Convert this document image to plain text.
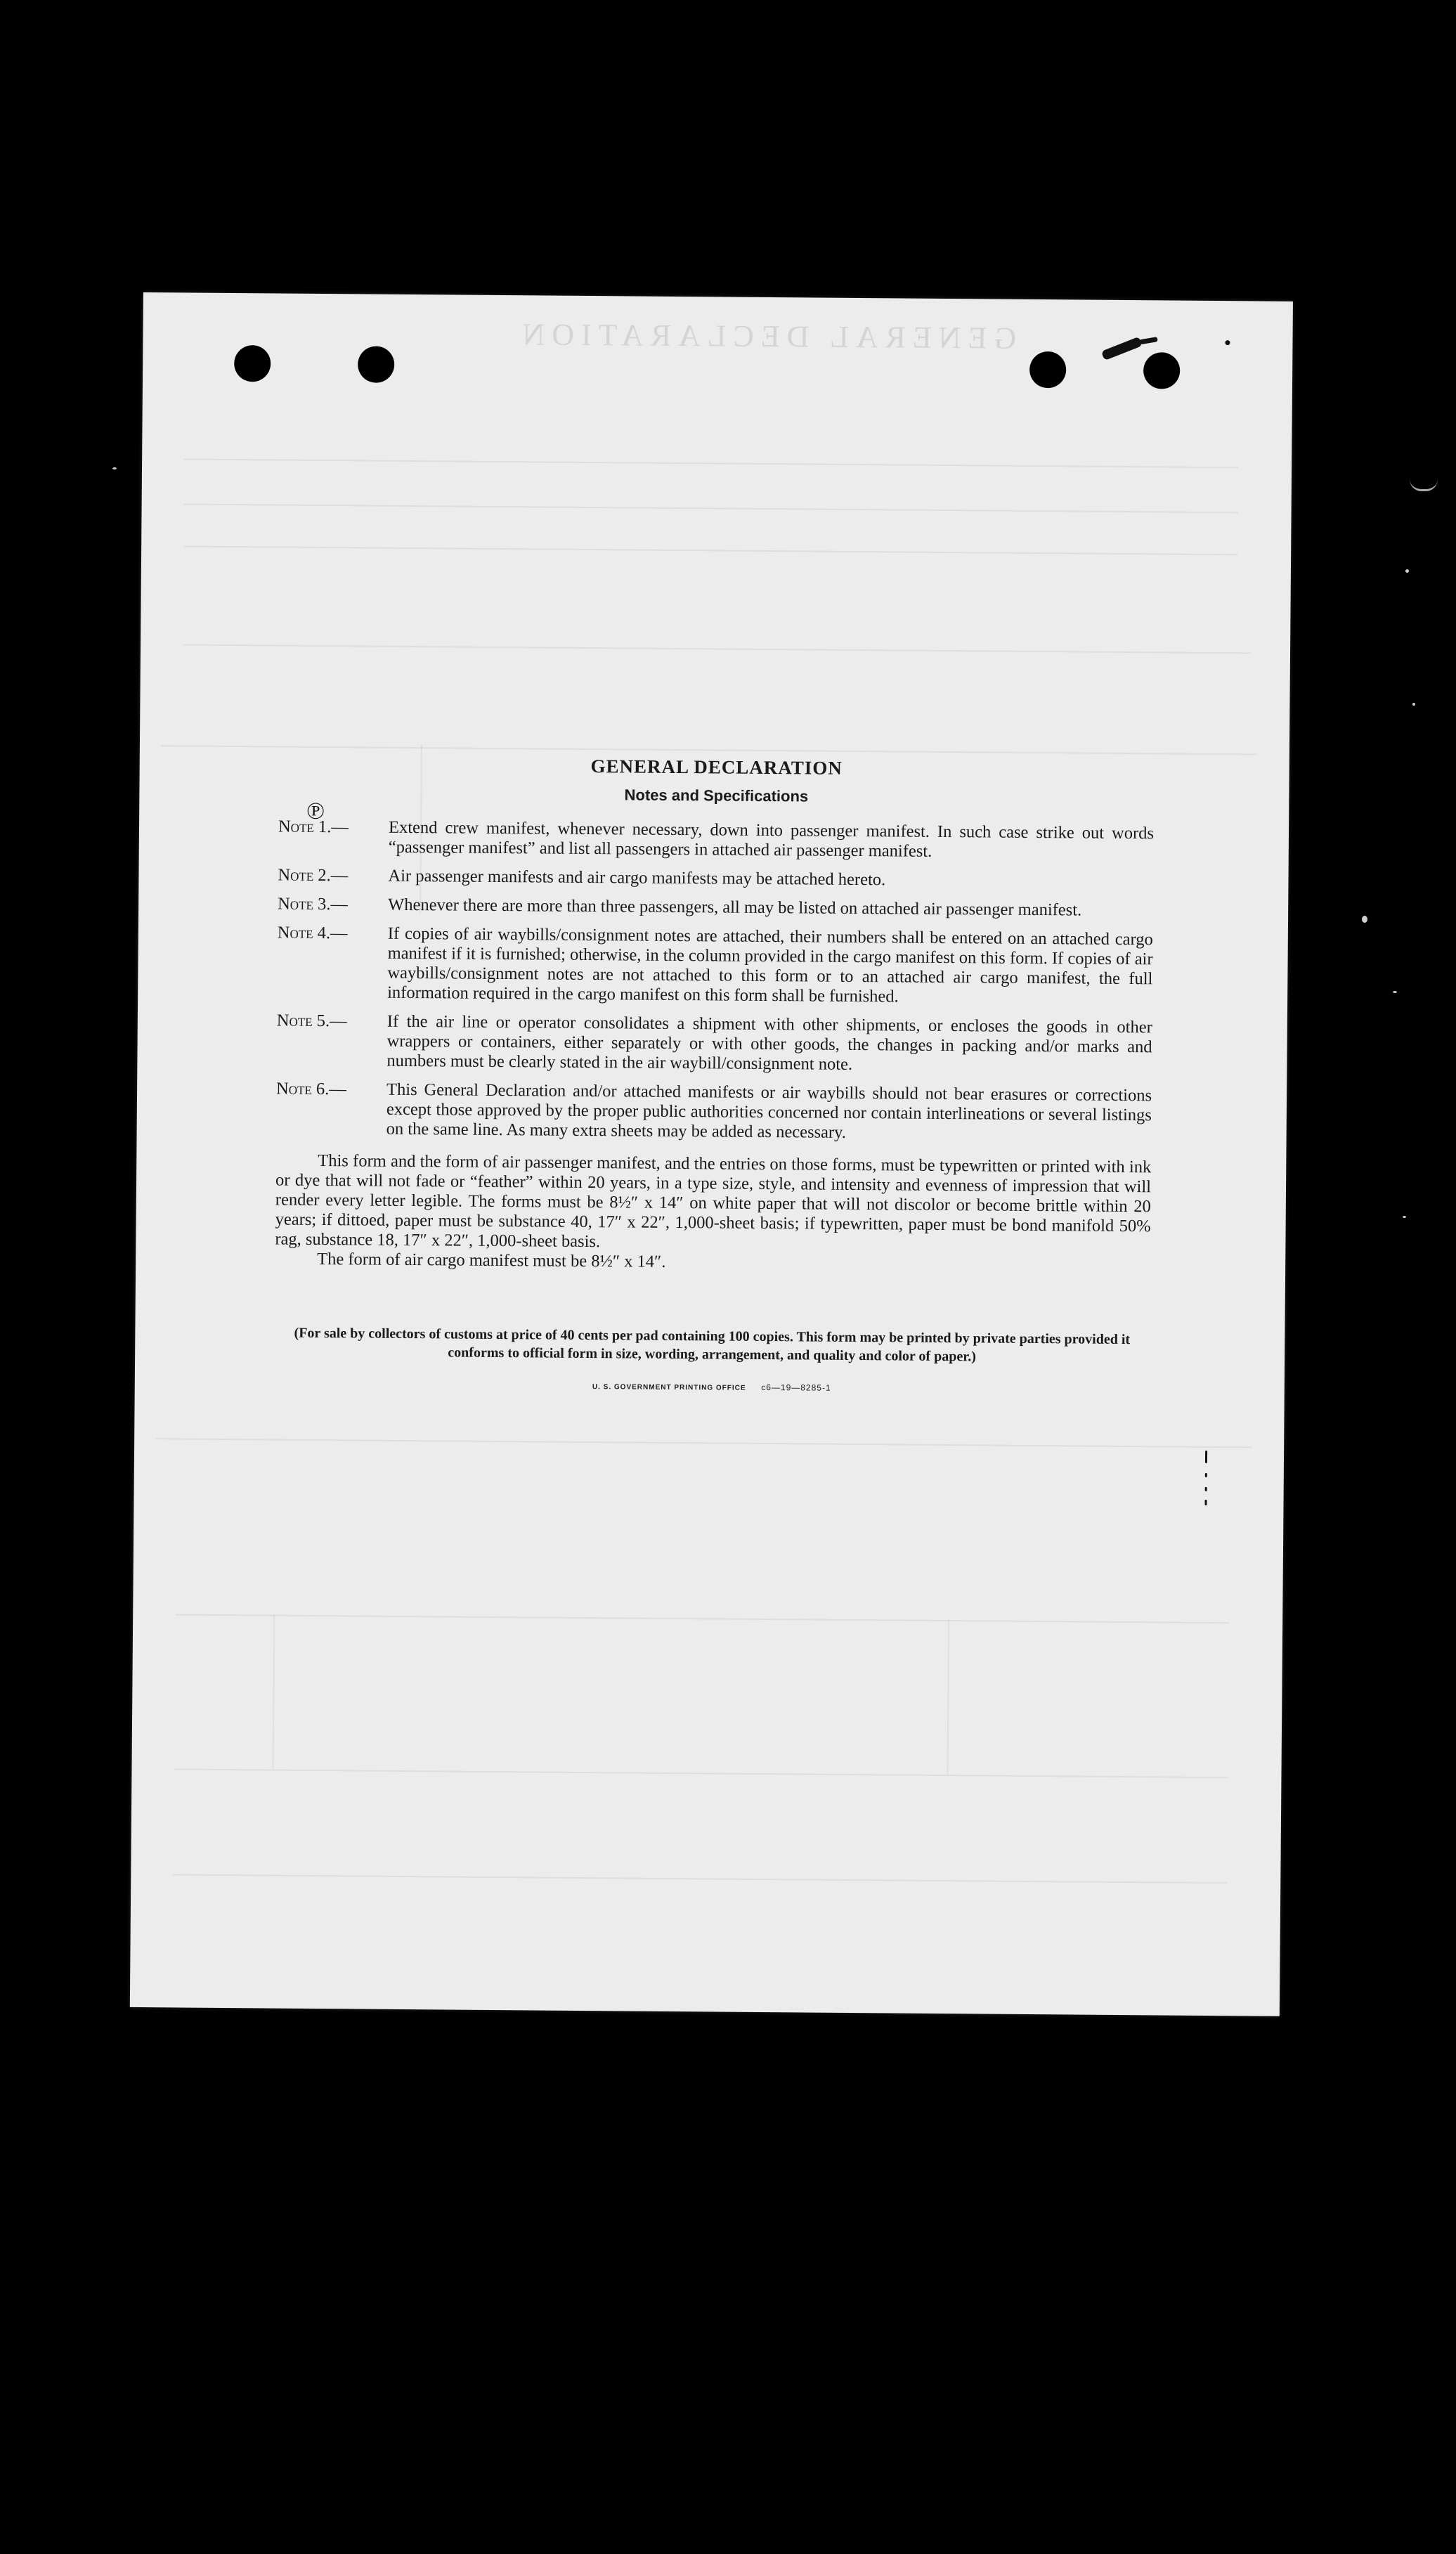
GENERAL DECLARATION
℗
GENERAL DECLARATION
Notes and Specifications

Note 1.— Extend crew manifest, whenever necessary, down into passenger manifest. In such case strike out words “passenger manifest” and list all passengers in attached air passenger manifest.

Note 2.— Air passenger manifests and air cargo manifests may be attached hereto.

Note 3.— Whenever there are more than three passengers, all may be listed on attached air passenger manifest.

Note 4.— If copies of air waybills/consignment notes are attached, their numbers shall be entered on an attached cargo manifest if it is furnished; otherwise, in the column provided in the cargo manifest on this form. If copies of air waybills/consignment notes are not attached to this form or to an attached air cargo manifest, the full information required in the cargo manifest on this form shall be furnished.

Note 5.— If the air line or operator consolidates a shipment with other shipments, or encloses the goods in other wrappers or containers, either separately or with other goods, the changes in packing and/or marks and numbers must be clearly stated in the air waybill/consignment note.

Note 6.— This General Declaration and/or attached manifests or air waybills should not bear erasures or corrections except those approved by the proper public authorities concerned nor contain interlineations or several listings on the same line. As many extra sheets may be added as necessary.

This form and the form of air passenger manifest, and the entries on those forms, must be typewritten or printed with ink or dye that will not fade or “feather” within 20 years, in a type size, style, and intensity and evenness of impression that will render every letter legible. The forms must be 8½″ x 14″ on white paper that will not discolor or become brittle within 20 years; if dittoed, paper must be substance 40, 17″ x 22″, 1,000-sheet basis; if typewritten, paper must be bond manifold 50% rag, substance 18, 17″ x 22″, 1,000-sheet basis.

The form of air cargo manifest must be 8½″ x 14″.

(For sale by collectors of customs at price of 40 cents per pad containing 100 copies. This form may be printed by private parties provided it conforms to official form in size, wording, arrangement, and quality and color of paper.)

U. S. GOVERNMENT PRINTING OFFICE c6—19—8285-1
